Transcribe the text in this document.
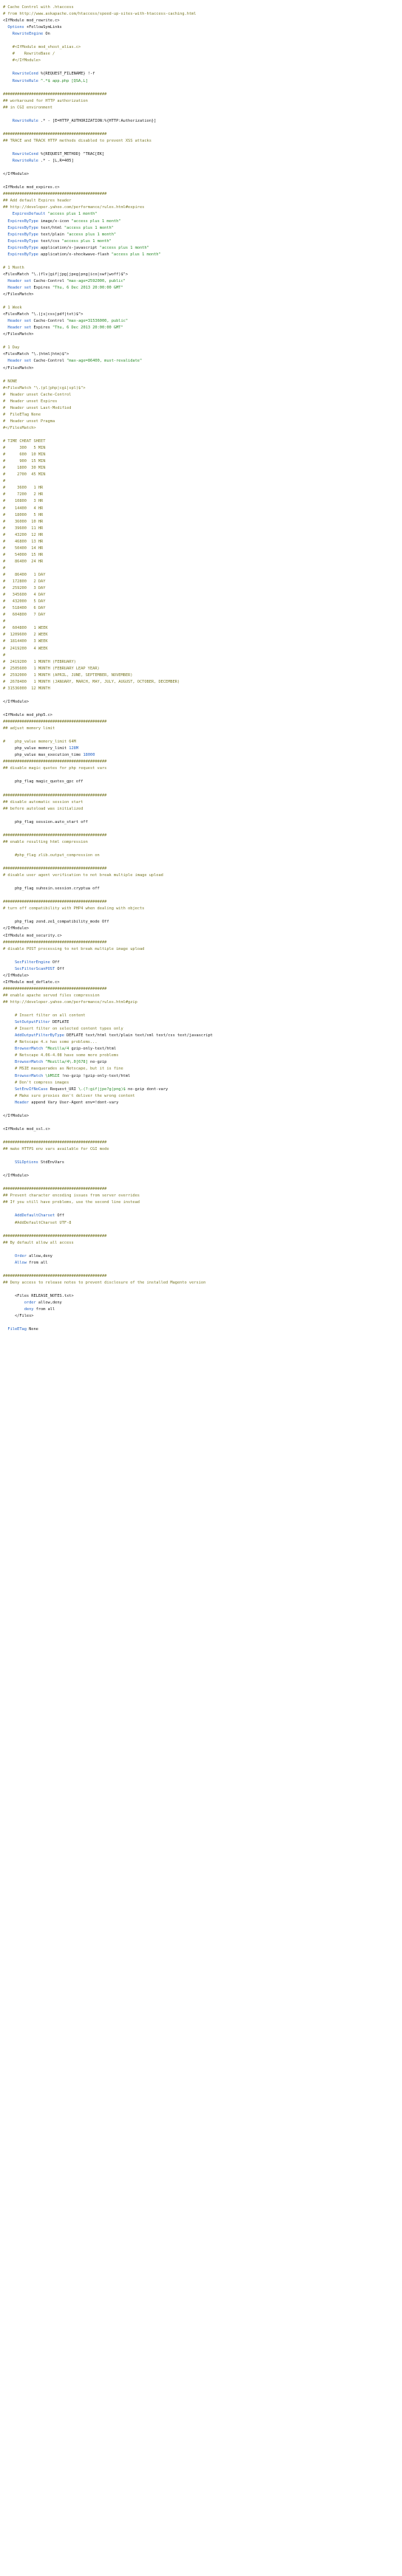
# Cache Control with .htaccess
# from http://www.askapache.com/htaccess/speed-up-sites-with-htaccess-caching.html
<IfModule mod_rewrite.c>
Options +FollowSymLinks
RewriteEngine On
#<IfModule mod_vhost_alias.c>
#    RewriteBase /
#</IfModule>
RewriteCond %{REQUEST_FILENAME} !-f
RewriteRule ^.*$ app.php [QSA,L]
############################################
## workaround for HTTP authorization
## in CGI environment
RewriteRule .* - [E=HTTP_AUTHORIZATION:%{HTTP:Authorization}]
############################################
## TRACE and TRACK HTTP methods disabled to prevent XSS attacks
RewriteCond %{REQUEST_METHOD} ^TRAC[EK]
RewriteRule .* - [L,R=405]
</IfModule>
<IfModule mod_expires.c>
############################################
## Add default Expires header
## http://developer.yahoo.com/performance/rules.html#expires
ExpiresDefault "access plus 1 month"
ExpiresByType image/x-icon "access plus 1 month"
ExpiresByType text/html "access plus 1 month"
ExpiresByType text/plain "access plus 1 month"
ExpiresByType text/css "access plus 1 month"
ExpiresByType application/x-javascript "access plus 1 month"
ExpiresByType application/x-shockwave-flash "access plus 1 month"
# 1 Month
<FilesMatch "\.(flv|gif|jpg|jpeg|png|ico|swf|woff)$">
Header set Cache-Control "max-age=2592000, public"
Header set Expires "Thu, 6 Dec 2013 20:00:00 GMT"
</FilesMatch>
# 1 Week
<FilesMatch "\.(js|css|pdf|txt)$">
Header set Cache-Control "max-age=31536000, public"
Header set Expires "Thu, 6 Dec 2013 20:00:00 GMT"
</FilesMatch>
# 1 Day
<FilesMatch "\.(html|htm)$">
Header set Cache-Control "max-age=86400, must-revalidate"
</FilesMatch>
# NONE
#<FilesMatch "\.(pl|php|cgi|spl)$">
#  Header unset Cache-Control
#  Header unset Expires
#  Header unset Last-Modified
#  FileETag None
#  Header unset Pragma
#</FilesMatch>
# TIME CHEAT SHEET
#      300   5 MIN
#      600  10 MIN
#      900  15 MIN
#     1800  30 MIN
#     2700  45 MIN
#
#     3600   1 HR
#     7200   2 HR
#    10800   3 HR
#    14400   4 HR
#    18000   5 HR
#    36000  10 HR
#    39600  11 HR
#    43200  12 HR
#    46800  13 HR
#    50400  14 HR
#    54000  15 HR
#    86400  24 HR
#
#    86400   1 DAY
#   172800   2 DAY
#   259200   3 DAY
#   345600   4 DAY
#   432000   5 DAY
#   518400   6 DAY
#   604800   7 DAY
#
#   604800   1 WEEK
#  1209600   2 WEEK
#  1814400   3 WEEK
#  2419200   4 WEEK
#
#  2419200   1 MONTH (FEBRUARY)
#  2505600   1 MONTH (FEBRUARY LEAP YEAR)
#  2592000   1 MONTH (APRIL, JUNE, SEPTEMBER, NOVEMBER)
#  2678400   1 MONTH (JANUARY, MARCH, MAY, JULY, AUGUST, OCTOBER, DECEMBER)
# 31536000  12 MONTH
</IfModule>
<IfModule mod_php5.c>
############################################
## adjust memory limit
#    php_value memory_limit 64M
php_value memory_limit 128M
php_value max_execution_time 18000
############################################
## disable magic quotes for php request vars
php_flag magic_quotes_gpc off
############################################
## disable automatic session start
## before autoload was initialized
php_flag session.auto_start off
############################################
## enable resulting html compression
#php_flag zlib.output_compression on
############################################
# disable user agent verification to not break multiple image upload
php_flag suhosin.session.cryptua off
############################################
# turn off compatibility with PHP4 when dealing with objects
php_flag zend.ze1_compatibility_mode Off
</IfModule>
<IfModule mod_security.c>
############################################
# disable POST processing to not break multiple image upload
SecFilterEngine Off
SecFilterScanPOST Off
</IfModule>
<IfModule mod_deflate.c>
############################################
## enable apache served files compression
## http://developer.yahoo.com/performance/rules.html#gzip
# Insert filter on all content
SetOutputFilter DEFLATE
# Insert filter on selected content types only
AddOutputFilterByType DEFLATE text/html text/plain text/xml text/css text/javascript
# Netscape 4.x has some problems...
BrowserMatch ^Mozilla/4 gzip-only-text/html
# Netscape 4.06-4.08 have some more problems
BrowserMatch ^Mozilla/4\.0[678] no-gzip
# MSIE masquerades as Netscape, but it is fine
BrowserMatch \bMSIE !no-gzip !gzip-only-text/html
# Don't compress images
SetEnvIfNoCase Request_URI \.(?:gif|jpe?g|png)$ no-gzip dont-vary
# Make sure proxies don't deliver the wrong content
Header append Vary User-Agent env=!dont-vary
</IfModule>
<IfModule mod_ssl.c>
############################################
## make HTTPS env vars available for CGI mode
SSLOptions StdEnvVars
</IfModule>
############################################
## Prevent character encoding issues from server overrides
## If you still have problems, use the second line instead
AddDefaultCharset Off
#AddDefaultCharset UTF-8
############################################
## By default allow all access
Order allow,deny
Allow from all
############################################
## Deny access to release notes to prevent disclosure of the installed Magento version
<Files RELEASE_NOTES.txt>
order allow,deny
deny from all
</Files>
FileETag None
